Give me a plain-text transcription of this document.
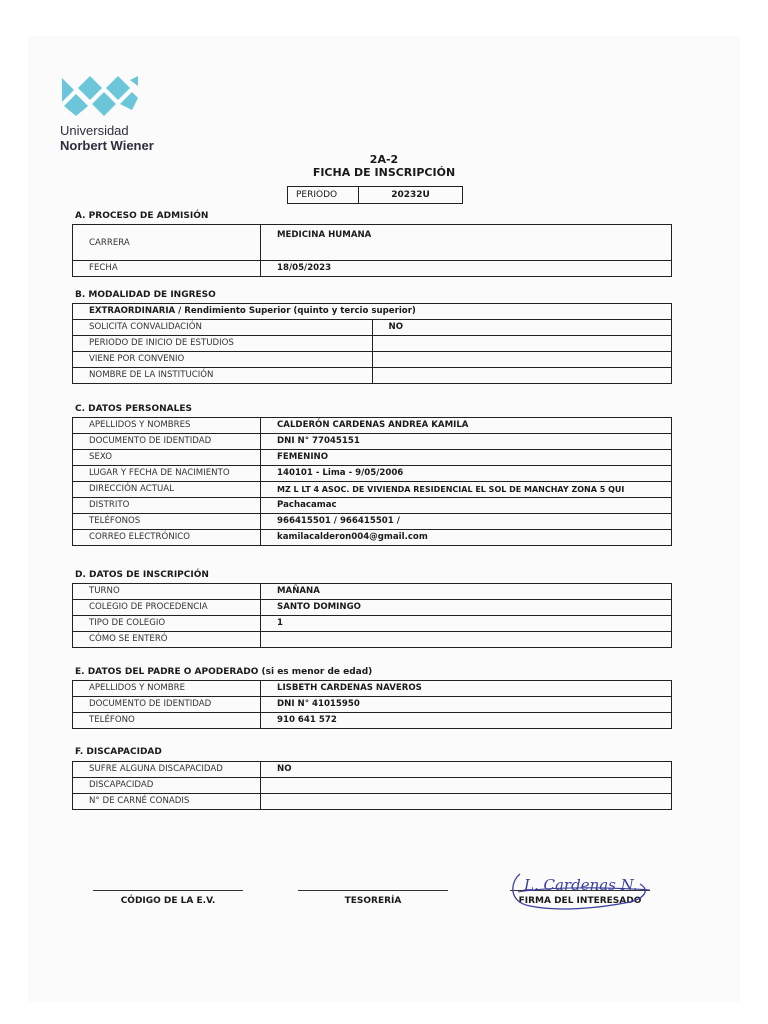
Universidad
Norbert Wiener
2A-2
FICHA DE INSCRIPCIÓN
PERIODO	20232U
A. PROCESO DE ADMISIÓN
CARRERA	MEDICINA HUMANA
FECHA	18/05/2023
B. MODALIDAD DE INGRESO
EXTRAORDINARIA / Rendimiento Superior (quinto y tercio superior)	
SOLICITA CONVALIDACIÓN	NO
PERIODO DE INICIO DE ESTUDIOS	
VIENE POR CONVENIO	
NOMBRE DE LA INSTITUCIÓN	
C. DATOS PERSONALES
APELLIDOS Y NOMBRES	CALDERÓN CARDENAS ANDREA KAMILA
DOCUMENTO DE IDENTIDAD	DNI N° 77045151
SEXO	FEMENINO
LUGAR Y FECHA DE NACIMIENTO	140101 - Lima - 9/05/2006
DIRECCIÓN ACTUAL	MZ L LT 4 ASOC. DE VIVIENDA RESIDENCIAL EL SOL DE MANCHAY ZONA 5 QUI
DISTRITO	Pachacamac
TELÉFONOS	966415501 / 966415501 /
CORREO ELECTRÓNICO	kamilacalderon004@gmail.com
D. DATOS DE INSCRIPCIÓN
TURNO	MAÑANA
COLEGIO DE PROCEDENCIA	SANTO DOMINGO
TIPO DE COLEGIO	1
CÓMO SE ENTERÓ	
E. DATOS DEL PADRE O APODERADO (si es menor de edad)
APELLIDOS Y NOMBRE	LISBETH CARDENAS NAVEROS
DOCUMENTO DE IDENTIDAD	DNI N° 41015950
TELÉFONO	910 641 572
F. DISCAPACIDAD
SUFRE ALGUNA DISCAPACIDAD	NO
DISCAPACIDAD	
N° DE CARNÉ CONADIS	
CÓDIGO DE LA E.V.	TESORERÍA	FIRMA DEL INTERESADO
L. Cardenas N.
